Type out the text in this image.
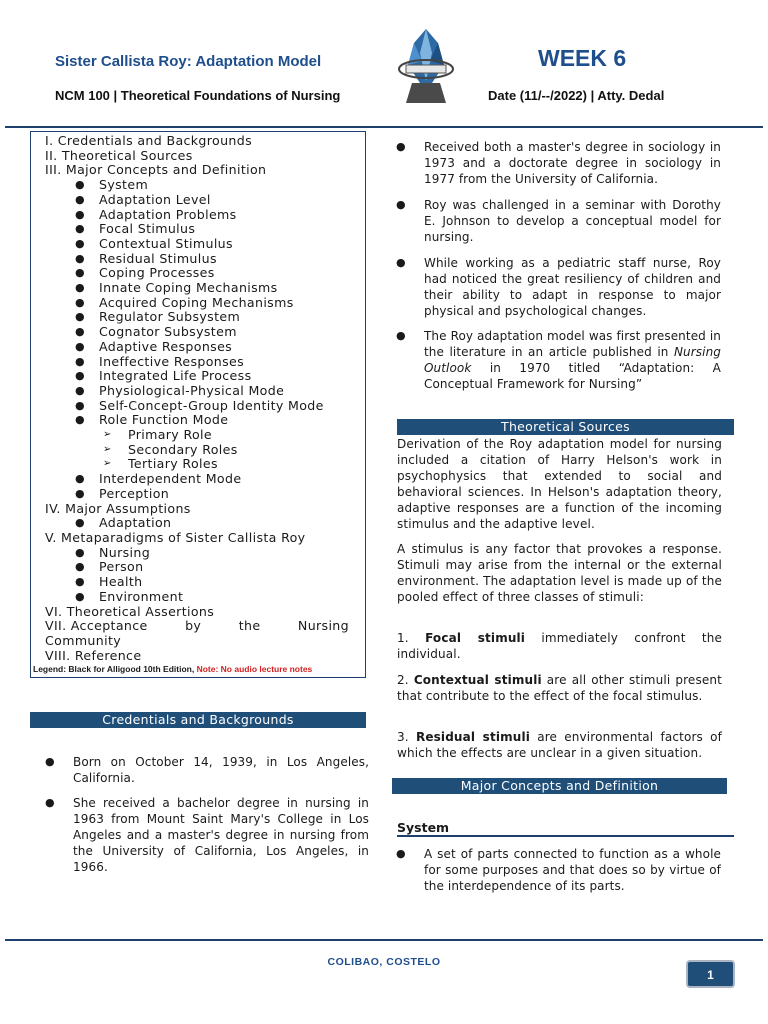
Sister Callista Roy: Adaptation Model	WEEK 6
NCM 100 | Theoretical Foundations of Nursing	Date (11/--/2022) | Atty. Dedal
I. Credentials and Backgrounds
II. Theoretical Sources
III. Major Concepts and Definition
● System
● Adaptation Level
● Adaptation Problems
● Focal Stimulus
● Contextual Stimulus
● Residual Stimulus
● Coping Processes
● Innate Coping Mechanisms
● Acquired Coping Mechanisms
● Regulator Subsystem
● Cognator Subsystem
● Adaptive Responses
● Ineffective Responses
● Integrated Life Process
● Physiological-Physical Mode
● Self-Concept-Group Identity Mode
● Role Function Mode
➢ Primary Role
➢ Secondary Roles
➢ Tertiary Roles
● Interdependent Mode
● Perception
IV. Major Assumptions
● Adaptation
V. Metaparadigms of Sister Callista Roy
● Nursing
● Person
● Health
● Environment
VI. Theoretical Assertions
VII. Acceptance	by	the	Nursing
Community
VIII. Reference
Legend: Black for Alligood 10th Edition, Note: No audio lecture notes
Credentials and Backgrounds
● Born on October 14, 1939, in Los Angeles, California.
● She received a bachelor degree in nursing in 1963 from Mount Saint Mary's College in Los Angeles and a master's degree in nursing from the University of California, Los Angeles, in 1966.
● Received both a master's degree in sociology in 1973 and a doctorate degree in sociology in 1977 from the University of California.
● Roy was challenged in a seminar with Dorothy E. Johnson to develop a conceptual model for nursing.
● While working as a pediatric staff nurse, Roy had noticed the great resiliency of children and their ability to adapt in response to major physical and psychological changes.
● The Roy adaptation model was first presented in the literature in an article published in Nursing Outlook in 1970 titled “Adaptation: A Conceptual Framework for Nursing”
Theoretical Sources
Derivation of the Roy adaptation model for nursing included a citation of Harry Helson's work in psychophysics that extended to social and behavioral sciences. In Helson's adaptation theory, adaptive responses are a function of the incoming stimulus and the adaptive level.
A stimulus is any factor that provokes a response. Stimuli may arise from the internal or the external environment. The adaptation level is made up of the pooled effect of three classes of stimuli:
1. Focal stimuli immediately confront the individual.
2. Contextual stimuli are all other stimuli present that contribute to the effect of the focal stimulus.
3. Residual stimuli are environmental factors of which the effects are unclear in a given situation.
Major Concepts and Definition
System
● A set of parts connected to function as a whole for some purposes and that does so by virtue of the interdependence of its parts.
COLIBAO, COSTELO
1
